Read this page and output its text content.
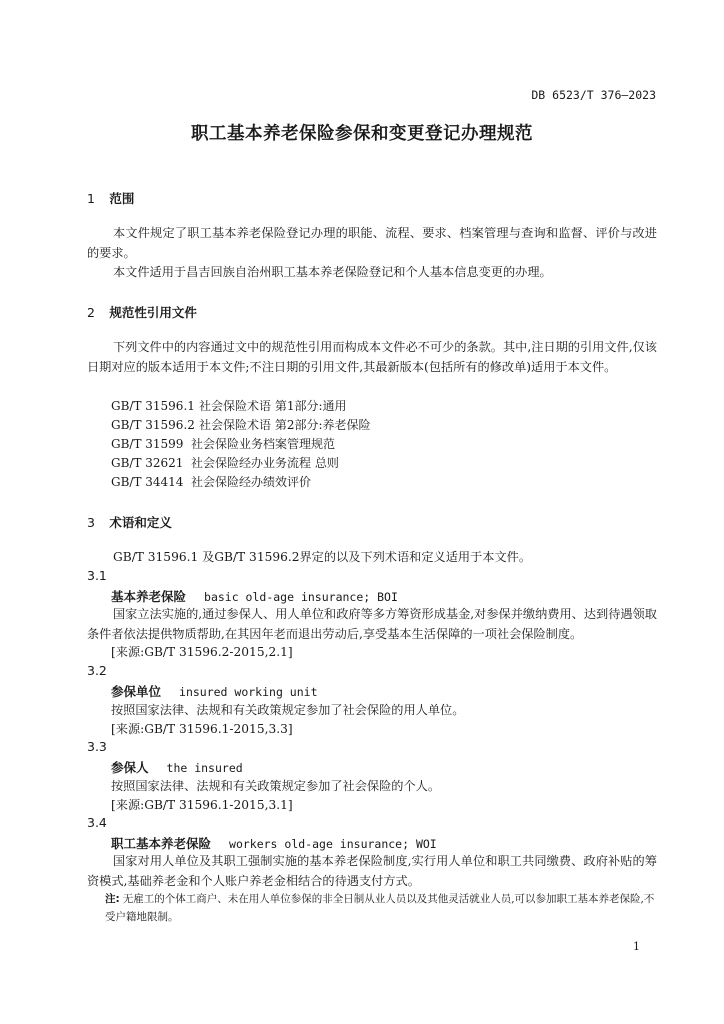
DB 6523/T 376—2023
职工基本养老保险参保和变更登记办理规范
1 范围
本文件规定了职工基本养老保险登记办理的职能、流程、要求、档案管理与查询和监督、评价与改进的要求。
本文件适用于昌吉回族自治州职工基本养老保险登记和个人基本信息变更的办理。
2 规范性引用文件
下列文件中的内容通过文中的规范性引用而构成本文件必不可少的条款。其中,注日期的引用文件,仅该日期对应的版本适用于本文件;不注日期的引用文件,其最新版本(包括所有的修改单)适用于本文件。
GB/T 31596.1 社会保险术语 第1部分:通用
GB/T 31596.2 社会保险术语 第2部分:养老保险
GB/T 31599 社会保险业务档案管理规范
GB/T 32621 社会保险经办业务流程 总则
GB/T 34414 社会保险经办绩效评价
3 术语和定义
GB/T 31596.1 及GB/T 31596.2界定的以及下列术语和定义适用于本文件。
3.1
基本养老保险 basic old-age insurance; BOI
国家立法实施的,通过参保人、用人单位和政府等多方筹资形成基金,对参保并缴纳费用、达到待遇领取条件者依法提供物质帮助,在其因年老而退出劳动后,享受基本生活保障的一项社会保险制度。
[来源:GB/T 31596.2-2015,2.1]
3.2
参保单位 insured working unit
按照国家法律、法规和有关政策规定参加了社会保险的用人单位。
[来源:GB/T 31596.1-2015,3.3]
3.3
参保人 the insured
按照国家法律、法规和有关政策规定参加了社会保险的个人。
[来源:GB/T 31596.1-2015,3.1]
3.4
职工基本养老保险 workers old-age insurance; WOI
国家对用人单位及其职工强制实施的基本养老保险制度,实行用人单位和职工共同缴费、政府补贴的筹资模式,基础养老金和个人账户养老金相结合的待遇支付方式。
注: 无雇工的个体工商户、未在用人单位参保的非全日制从业人员以及其他灵活就业人员,可以参加职工基本养老保险,不受户籍地限制。
1
